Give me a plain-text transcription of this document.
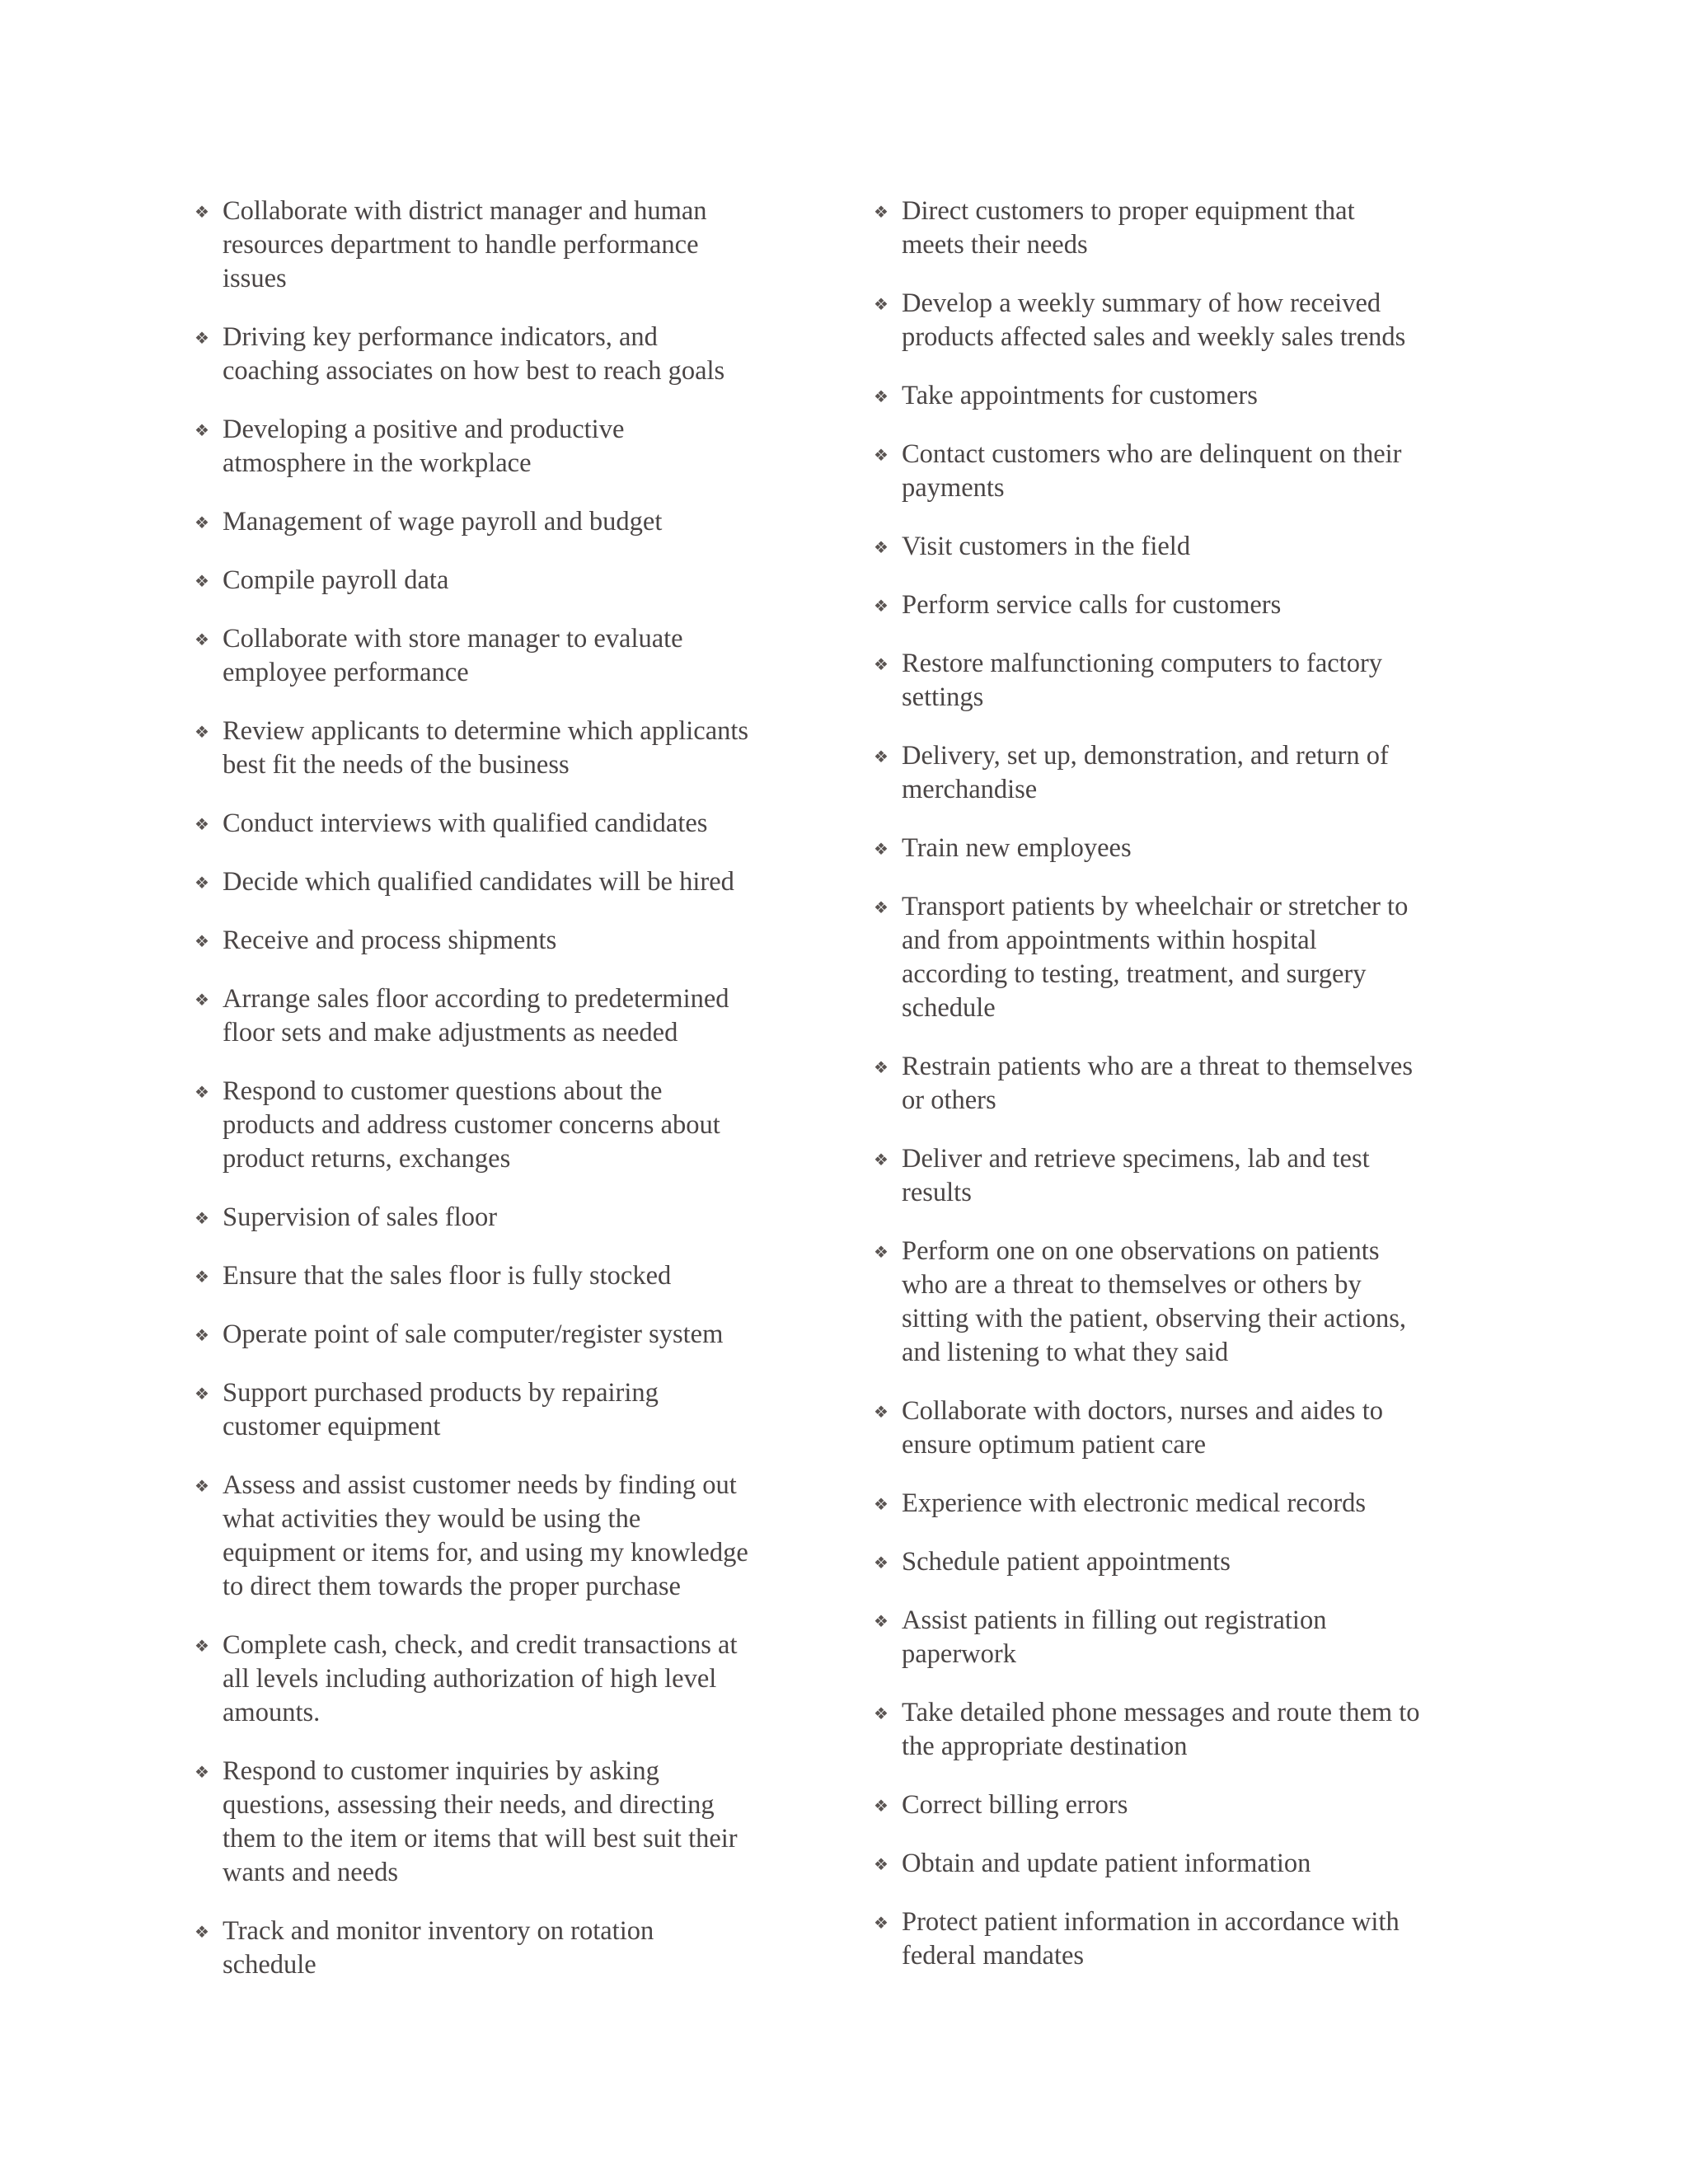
❖ Collaborate with district manager and human
resources department to handle performance
issues
❖ Driving key performance indicators, and
coaching associates on how best to reach goals
❖ Developing a positive and productive
atmosphere in the workplace
❖ Management of wage payroll and budget
❖ Compile payroll data
❖ Collaborate with store manager to evaluate
employee performance
❖ Review applicants to determine which applicants
best fit the needs of the business
❖ Conduct interviews with qualified candidates
❖ Decide which qualified candidates will be hired
❖ Receive and process shipments
❖ Arrange sales floor according to predetermined
floor sets and make adjustments as needed
❖ Respond to customer questions about the
products and address customer concerns about
product returns, exchanges
❖ Supervision of sales floor
❖ Ensure that the sales floor is fully stocked
❖ Operate point of sale computer/register system
❖ Support purchased products by repairing
customer equipment
❖ Assess and assist customer needs by finding out
what activities they would be using the
equipment or items for, and using my knowledge
to direct them towards the proper purchase
❖ Complete cash, check, and credit transactions at
all levels including authorization of high level
amounts.
❖ Respond to customer inquiries by asking
questions, assessing their needs, and directing
them to the item or items that will best suit their
wants and needs
❖ Track and monitor inventory on rotation
schedule
❖ Direct customers to proper equipment that
meets their needs
❖ Develop a weekly summary of how received
products affected sales and weekly sales trends
❖ Take appointments for customers
❖ Contact customers who are delinquent on their
payments
❖ Visit customers in the field
❖ Perform service calls for customers
❖ Restore malfunctioning computers to factory
settings
❖ Delivery, set up, demonstration, and return of
merchandise
❖ Train new employees
❖ Transport patients by wheelchair or stretcher to
and from appointments within hospital
according to testing, treatment, and surgery
schedule
❖ Restrain patients who are a threat to themselves
or others
❖ Deliver and retrieve specimens, lab and test
results
❖ Perform one on one observations on patients
who are a threat to themselves or others by
sitting with the patient, observing their actions,
and listening to what they said
❖ Collaborate with doctors, nurses and aides to
ensure optimum patient care
❖ Experience with electronic medical records
❖ Schedule patient appointments
❖ Assist patients in filling out registration
paperwork
❖ Take detailed phone messages and route them to
the appropriate destination
❖ Correct billing errors
❖ Obtain and update patient information
❖ Protect patient information in accordance with
federal mandates
